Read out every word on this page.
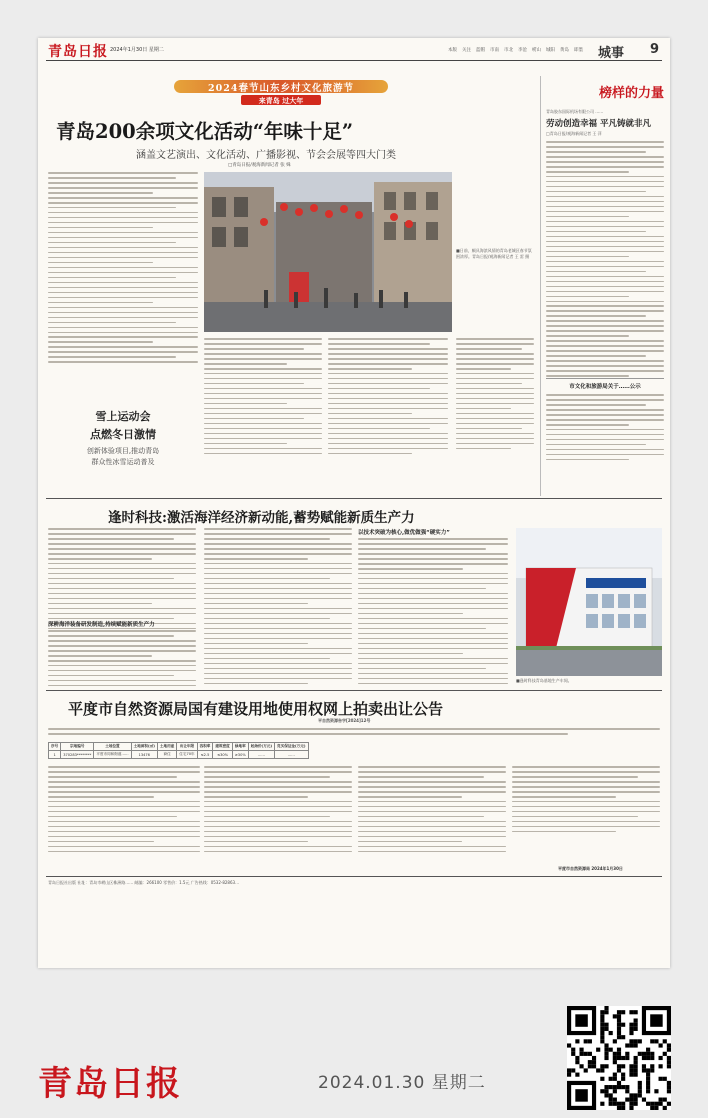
青岛日报 2024年1月30日 星期二	本版 关注 蓝帽 市南 市北 李沧 崂山 城阳 黄岛 即墨 城事 9
2024春节山东乡村文化旅游节
来青岛 过大年
青岛200余项文化活动“年味十足”
涵盖文艺演出、文化活动、广播影视、节会会展等四大门类
□青岛日报/观海新闻记者 张 姝
■日前，颇具海滨风情的青岛老城区春节氛围浓厚。青岛日报/观海新闻记者 王 雷 摄
雪上运动会
点燃冬日激情
创新体验项目,推动青岛
群众性冰雪运动普及
榜样的力量
青岛胶东国际机场有限公司 ……
劳动创造幸福 平凡铸就非凡
□青岛日报/观海新闻记者 王 萍
市文化和旅游局关于……公示
逢时科技:激活海洋经济新动能,蓄势赋能新质生产力
深耕海洋装备研发制造,持续赋能新质生产力
以技术突破为核心,做优做强“硬实力”
■逢时科技青岛基地生产车间。
平度市自然资源局国有建设用地使用权网上拍卖出让公告
平自然资源告字[2024]12号
序号	宗地编号	土地位置	土地面积(㎡)	土地用途	出让年限	容积率	建筑密度	绿地率	起始价(万元)	竞买保证金(万元)
1	370283********	平度市同和街道……	13476	商住	住宅70年	≤2.5	≤30%	≥30%	……	……
平度市自然资源局 2024年1月30日
青岛日报社出版 社址：青岛市崂山区株洲路…… 邮编：266100 零售价：1.5元 广告热线：0532-82863…
青岛日报	2024.01.30 星期二
